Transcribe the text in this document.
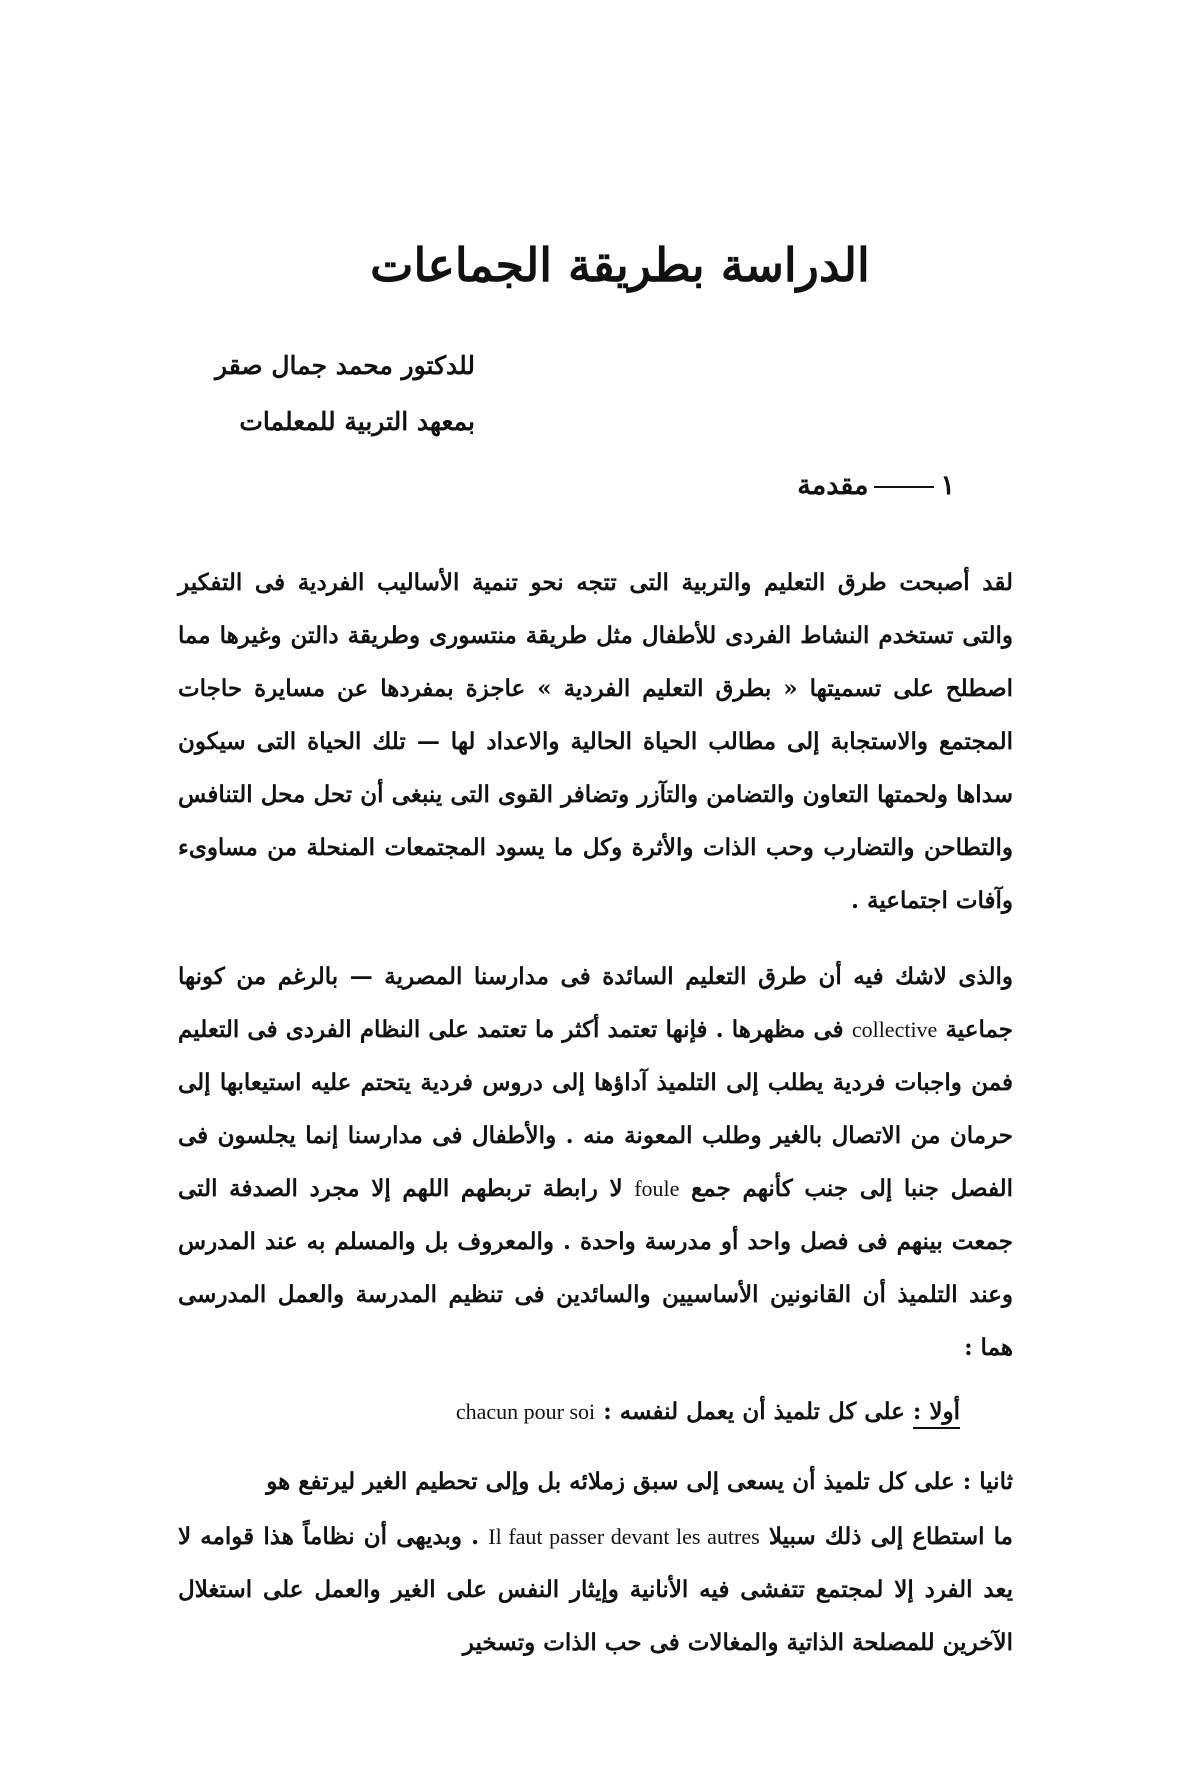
الدراسة بطريقة الجماعات
للدكتور محمد جمال صقر
بمعهد التربية للمعلمات
١مقدمة
لقد أصبحت طرق التعليم والتربية التى تتجه نحو تنمية الأساليب الفردية فى التفكير والتى تستخدم النشاط الفردى للأطفال مثل طريقة منتسورى وطريقة دالتن وغيرها مما اصطلح على تسميتها « بطرق التعليم الفردية » عاجزة بمفردها عن مسايرة حاجات المجتمع والاستجابة إلى مطالب الحياة الحالية والاعداد لها — تلك الحياة التى سيكون سداها ولحمتها التعاون والتضامن والتآزر وتضافر القوى التى ينبغى أن تحل محل التنافس والتطاحن والتضارب وحب الذات والأثرة وكل ما يسود المجتمعات المنحلة من مساوىء وآفات اجتماعية .
والذى لاشك فيه أن طرق التعليم السائدة فى مدارسنا المصرية — بالرغم من كونها جماعية collective فى مظهرها . فإنها تعتمد أكثر ما تعتمد على النظام الفردى فى التعليم فمن واجبات فردية يطلب إلى التلميذ آداؤها إلى دروس فردية يتحتم عليه استيعابها إلى حرمان من الاتصال بالغير وطلب المعونة منه . والأطفال فى مدارسنا إنما يجلسون فى الفصل جنبا إلى جنب كأنهم جمع foule لا رابطة تربطهم اللهم إلا مجرد الصدفة التى جمعت بينهم فى فصل واحد أو مدرسة واحدة . والمعروف بل والمسلم به عند المدرس وعند التلميذ أن القانونين الأساسيين والسائدين فى تنظيم المدرسة والعمل المدرسى هما :
أولا : على كل تلميذ أن يعمل لنفسه : chacun pour soi
ثانيا : على كل تلميذ أن يسعى إلى سبق زملائه بل وإلى تحطيم الغير ليرتفع هو
ما استطاع إلى ذلك سبيلا Il faut passer devant les autres . وبديهى أن نظاماً هذا قوامه لا يعد الفرد إلا لمجتمع تتفشى فيه الأنانية وإيثار النفس على الغير والعمل على استغلال الآخرين للمصلحة الذاتية والمغالات فى حب الذات وتسخير
